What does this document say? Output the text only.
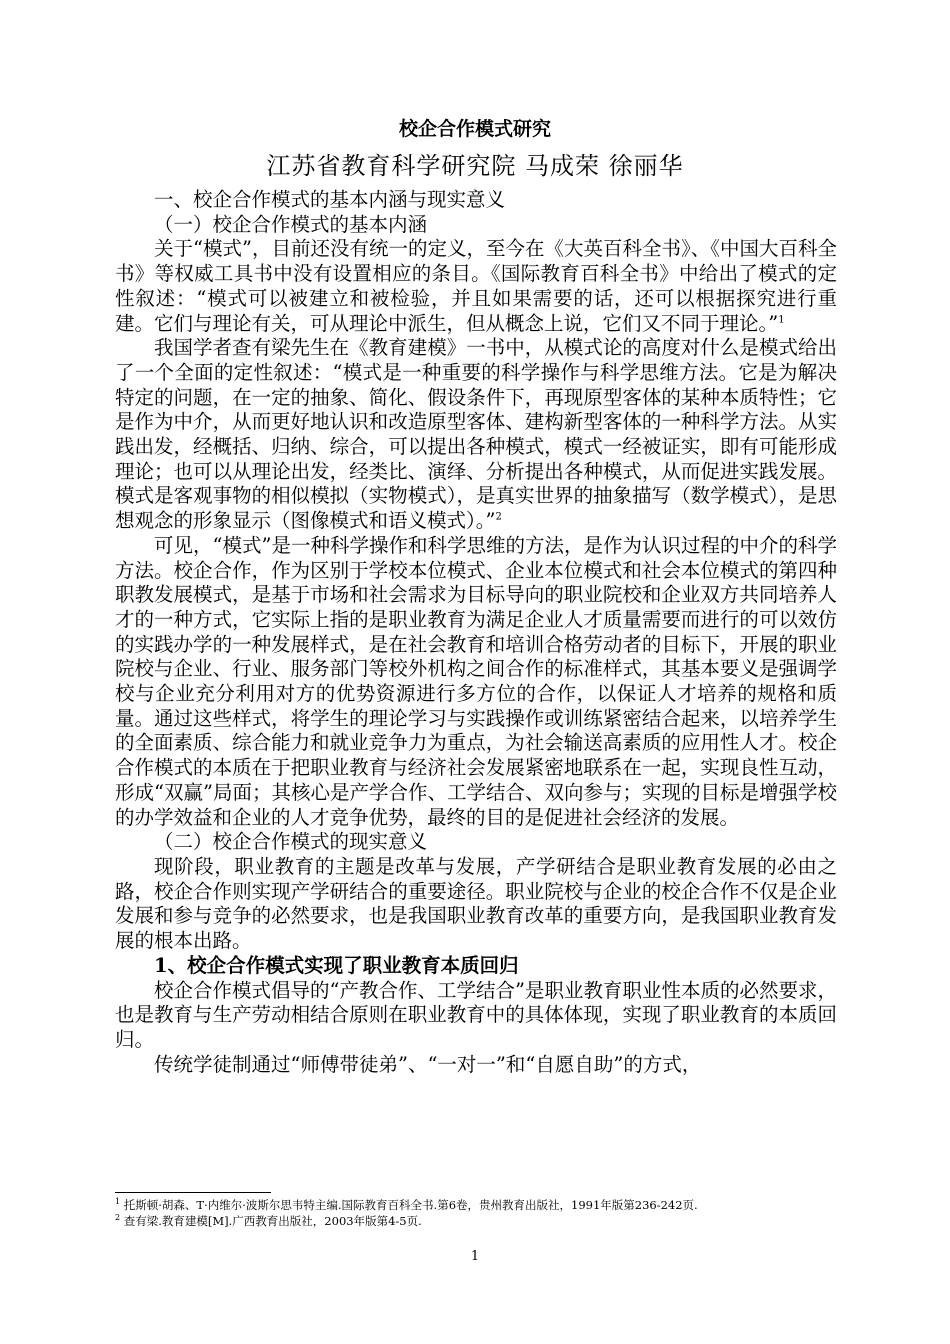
校企合作模式研究
江苏省教育科学研究院 马成荣 徐丽华

一、校企合作模式的基本内涵与现实意义

（一）校企合作模式的基本内涵

关于“模式”，目前还没有统一的定义，至今在《大英百科全书》、《中国大百科全书》等权威工具书中没有设置相应的条目。《国际教育百科全书》中给出了模式的定性叙述：“模式可以被建立和被检验，并且如果需要的话，还可以根据探究进行重建。它们与理论有关，可从理论中派生，但从概念上说，它们又不同于理论。”$^1$

我国学者查有梁先生在《教育建模》一书中，从模式论的高度对什么是模式给出了一个全面的定性叙述：“模式是一种重要的科学操作与科学思维方法。它是为解决特定的问题，在一定的抽象、简化、假设条件下，再现原型客体的某种本质特性；它是作为中介，从而更好地认识和改造原型客体、建构新型客体的一种科学方法。从实践出发，经概括、归纳、综合，可以提出各种模式，模式一经被证实，即有可能形成理论；也可以从理论出发，经类比、演绎、分析提出各种模式，从而促进实践发展。模式是客观事物的相似模拟（实物模式），是真实世界的抽象描写（数学模式），是思想观念的形象显示（图像模式和语义模式）。”$^2$

可见，“模式”是一种科学操作和科学思维的方法，是作为认识过程的中介的科学方法。校企合作，作为区别于学校本位模式、企业本位模式和社会本位模式的第四种职教发展模式，是基于市场和社会需求为目标导向的职业院校和企业双方共同培养人才的一种方式，它实际上指的是职业教育为满足企业人才质量需要而进行的可以效仿的实践办学的一种发展样式，是在社会教育和培训合格劳动者的目标下，开展的职业院校与企业、行业、服务部门等校外机构之间合作的标准样式，其基本要义是强调学校与企业充分利用对方的优势资源进行多方位的合作，以保证人才培养的规格和质量。通过这些样式，将学生的理论学习与实践操作或训练紧密结合起来，以培养学生的全面素质、综合能力和就业竞争力为重点，为社会输送高素质的应用性人才。校企合作模式的本质在于把职业教育与经济社会发展紧密地联系在一起，实现良性互动，形成“双赢”局面；其核心是产学合作、工学结合、双向参与；实现的目标是增强学校的办学效益和企业的人才竞争优势，最终的目的是促进社会经济的发展。

（二）校企合作模式的现实意义

现阶段，职业教育的主题是改革与发展，产学研结合是职业教育发展的必由之路，校企合作则实现产学研结合的重要途径。职业院校与企业的校企合作不仅是企业发展和参与竞争的必然要求，也是我国职业教育改革的重要方向，是我国职业教育发展的根本出路。

1、校企合作模式实现了职业教育本质回归

校企合作模式倡导的“产教合作、工学结合”是职业教育职业性本质的必然要求，也是教育与生产劳动相结合原则在职业教育中的具体体现，实现了职业教育的本质回归。

传统学徒制通过“师傅带徒弟”、“一对一”和“自愿自助”的方式，

$^1$ 托斯顿·胡森、T·内维尔·波斯尔思韦特主编.国际教育百科全书.第6卷，贵州教育出版社，1991年版第236-242页.

$^2$ 查有梁.教育建模[M].广西教育出版社，2003年版第4-5页.

1
